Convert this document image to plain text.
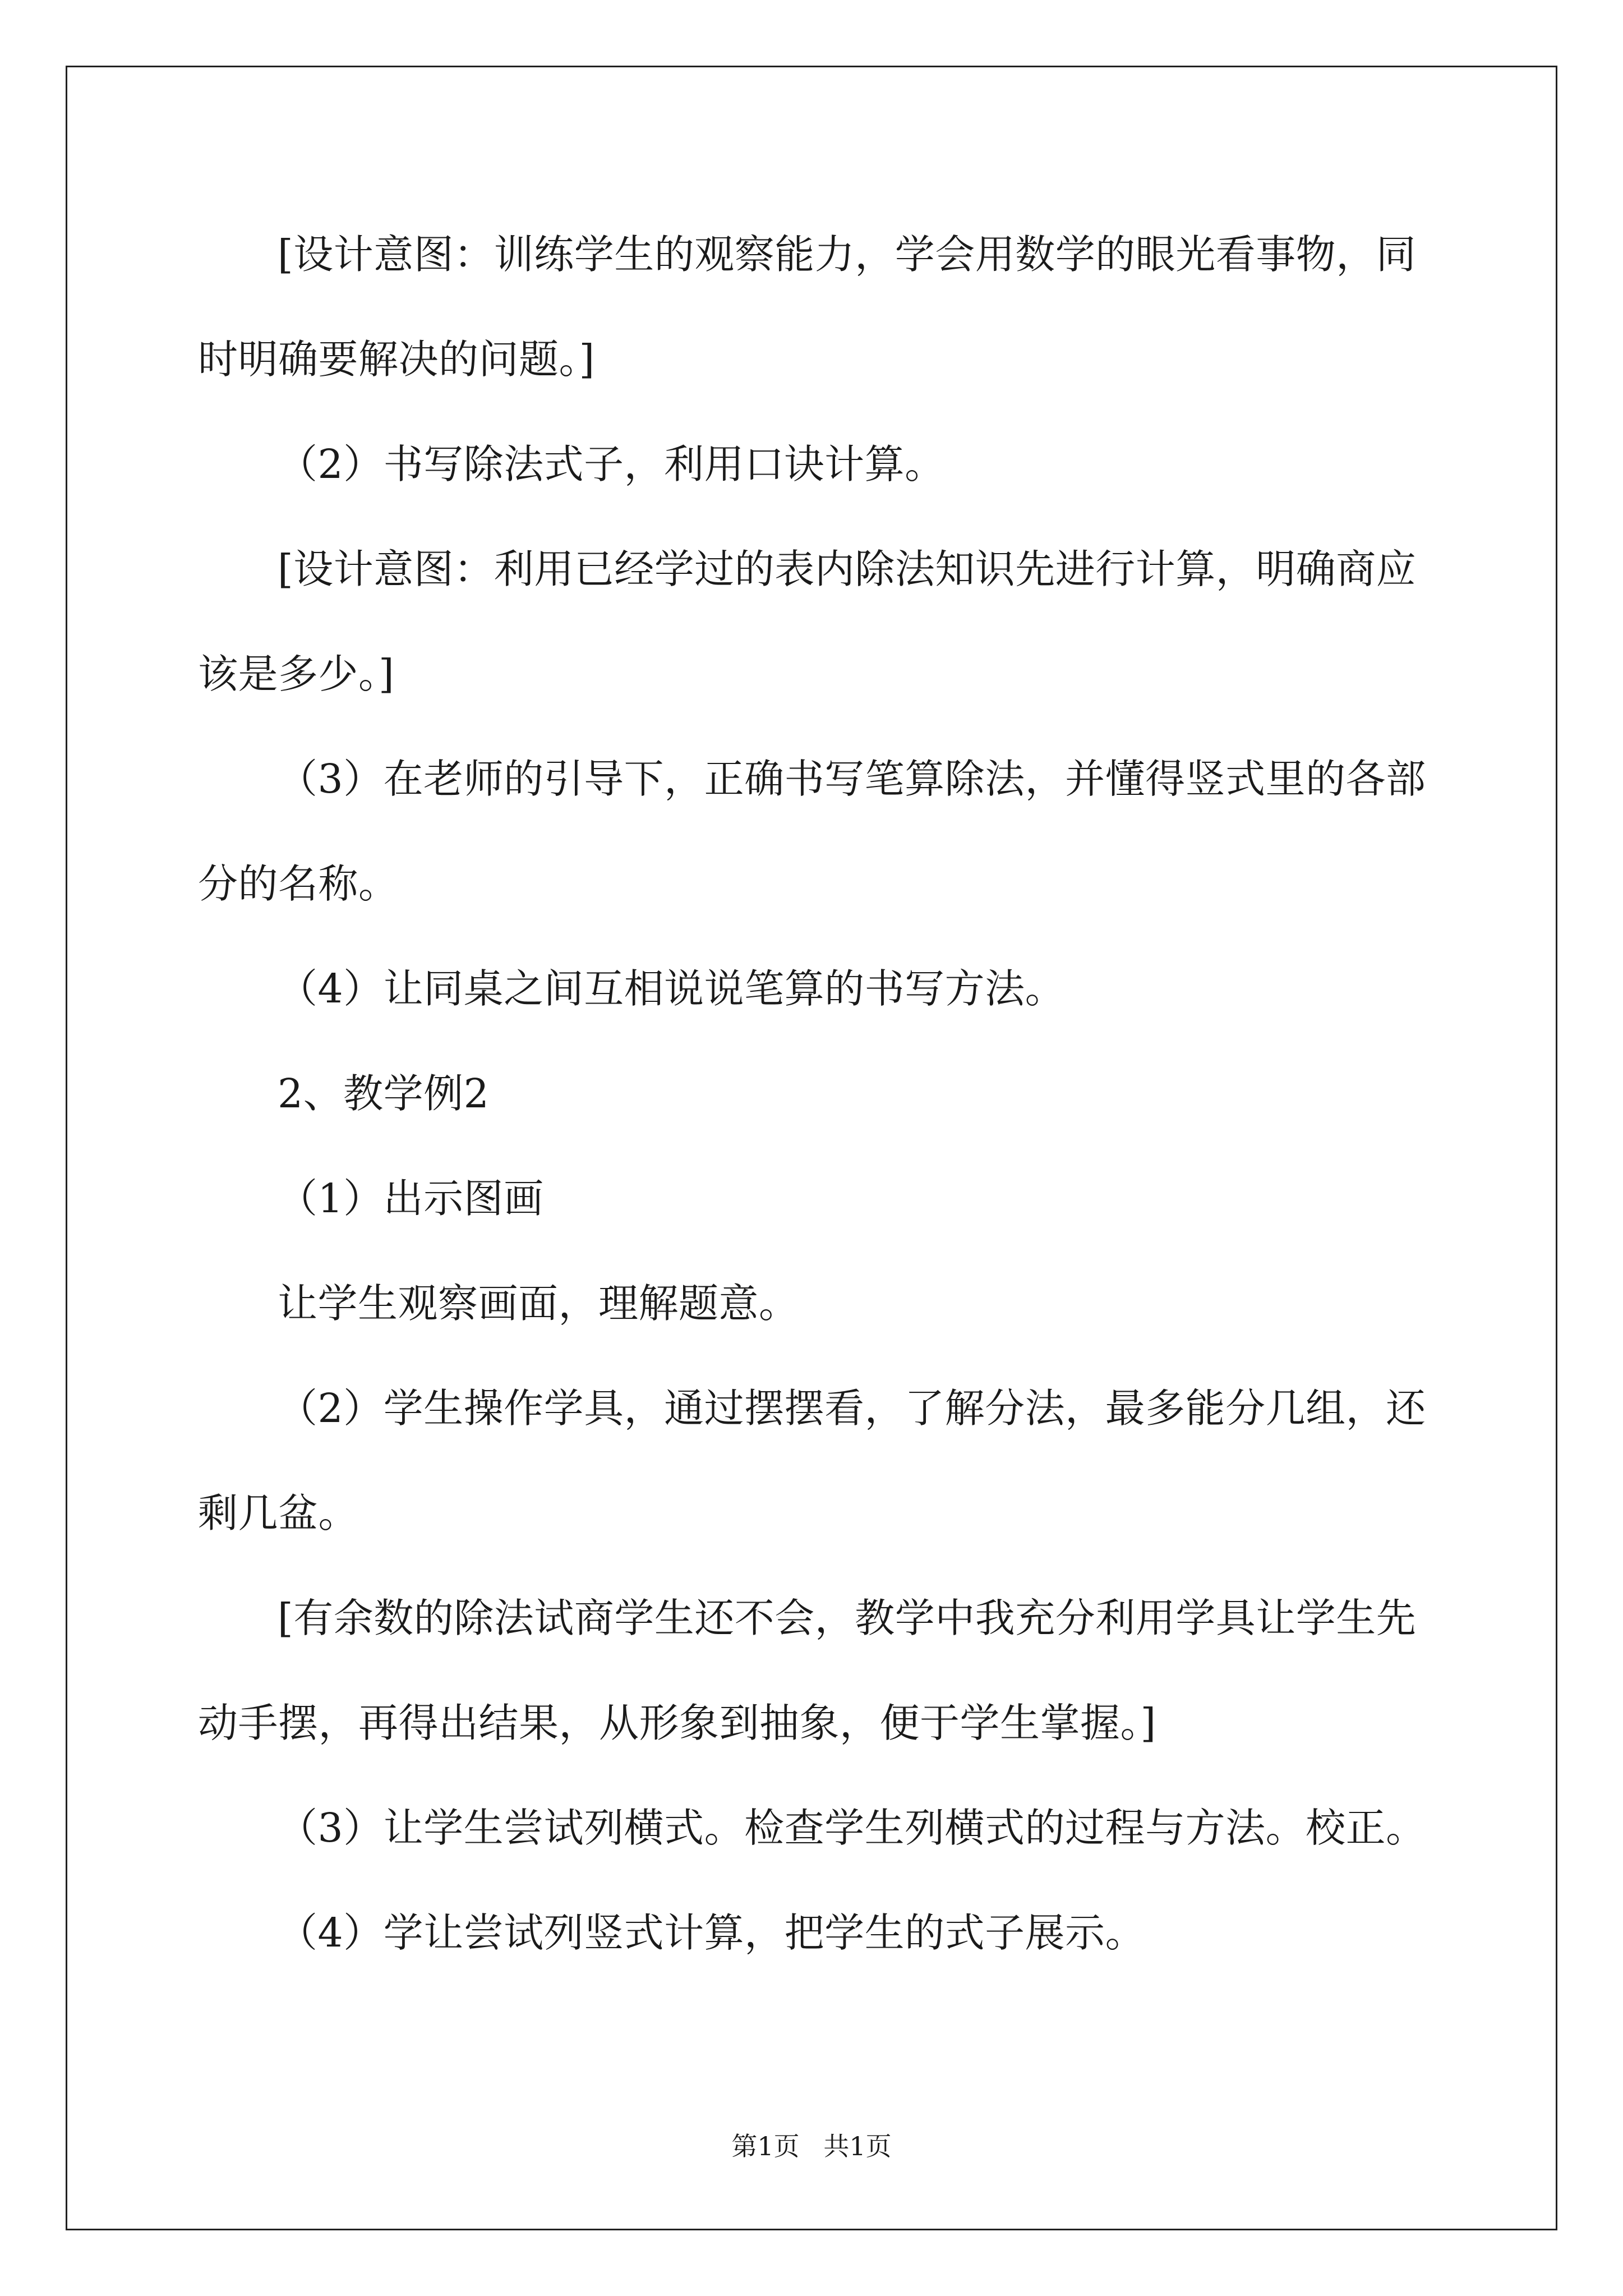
[设计意图：训练学生的观察能力，学会用数学的眼光看事物，同时明确要解决的问题。]

（2）书写除法式子，利用口诀计算。

[设计意图：利用已经学过的表内除法知识先进行计算，明确商应该是多少。]

（3）在老师的引导下，正确书写笔算除法，并懂得竖式里的各部分的名称。

（4）让同桌之间互相说说笔算的书写方法。

2、教学例2

（1）出示图画

让学生观察画面，理解题意。

（2）学生操作学具，通过摆摆看，了解分法，最多能分几组，还剩几盆。

[有余数的除法试商学生还不会，教学中我充分利用学具让学生先动手摆，再得出结果，从形象到抽象，便于学生掌握。]

（3）让学生尝试列横式。检查学生列横式的过程与方法。校正。

（4）学让尝试列竖式计算，把学生的式子展示。

第1页 共1页
